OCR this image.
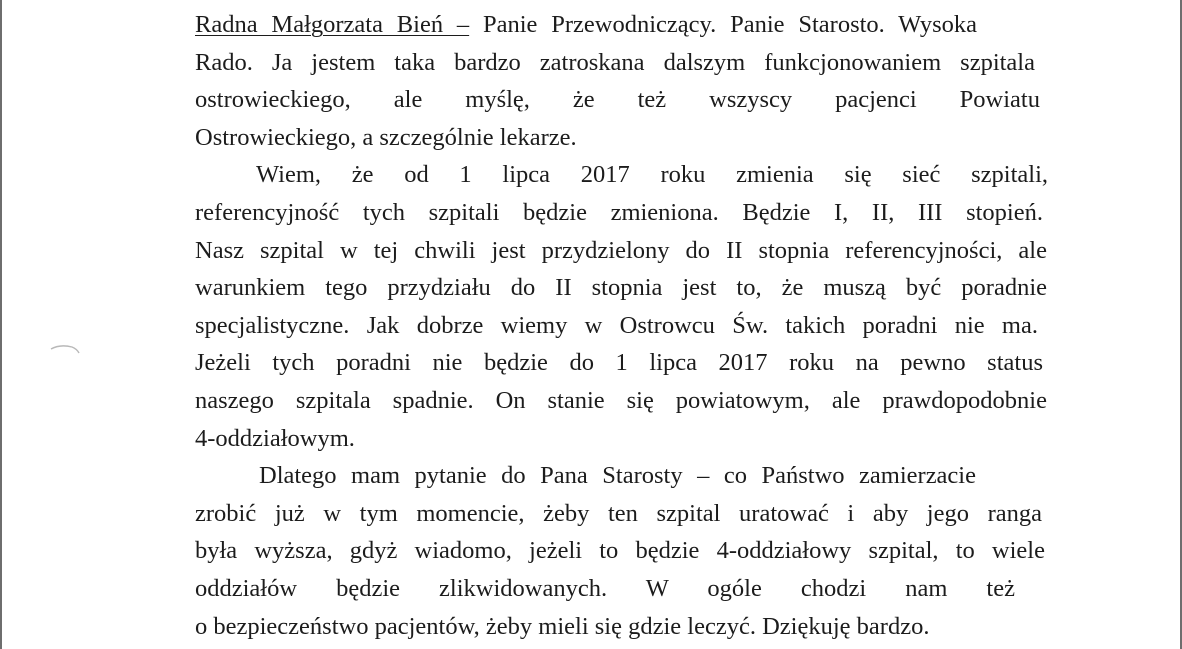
Radna Małgorzata Bień – Panie Przewodniczący. Panie Starosto. Wysoka
Rado. Ja jestem taka bardzo zatroskana dalszym funkcjonowaniem szpitala
ostrowieckiego, ale myślę, że też wszyscy pacjenci Powiatu
Ostrowieckiego, a szczególnie lekarze.
Wiem, że od 1 lipca 2017 roku zmienia się sieć szpitali,
referencyjność tych szpitali będzie zmieniona. Będzie I, II, III stopień.
Nasz szpital w tej chwili jest przydzielony do II stopnia referencyjności, ale
warunkiem tego przydziału do II stopnia jest to, że muszą być poradnie
specjalistyczne. Jak dobrze wiemy w Ostrowcu Św. takich poradni nie ma.
Jeżeli tych poradni nie będzie do 1 lipca 2017 roku na pewno status
naszego szpitala spadnie. On stanie się powiatowym, ale prawdopodobnie
4-oddziałowym.
Dlatego mam pytanie do Pana Starosty – co Państwo zamierzacie
zrobić już w tym momencie, żeby ten szpital uratować i aby jego ranga
była wyższa, gdyż wiadomo, jeżeli to będzie 4-oddziałowy szpital, to wiele
oddziałów będzie zlikwidowanych. W ogóle chodzi nam też
o bezpieczeństwo pacjentów, żeby mieli się gdzie leczyć. Dziękuję bardzo.
